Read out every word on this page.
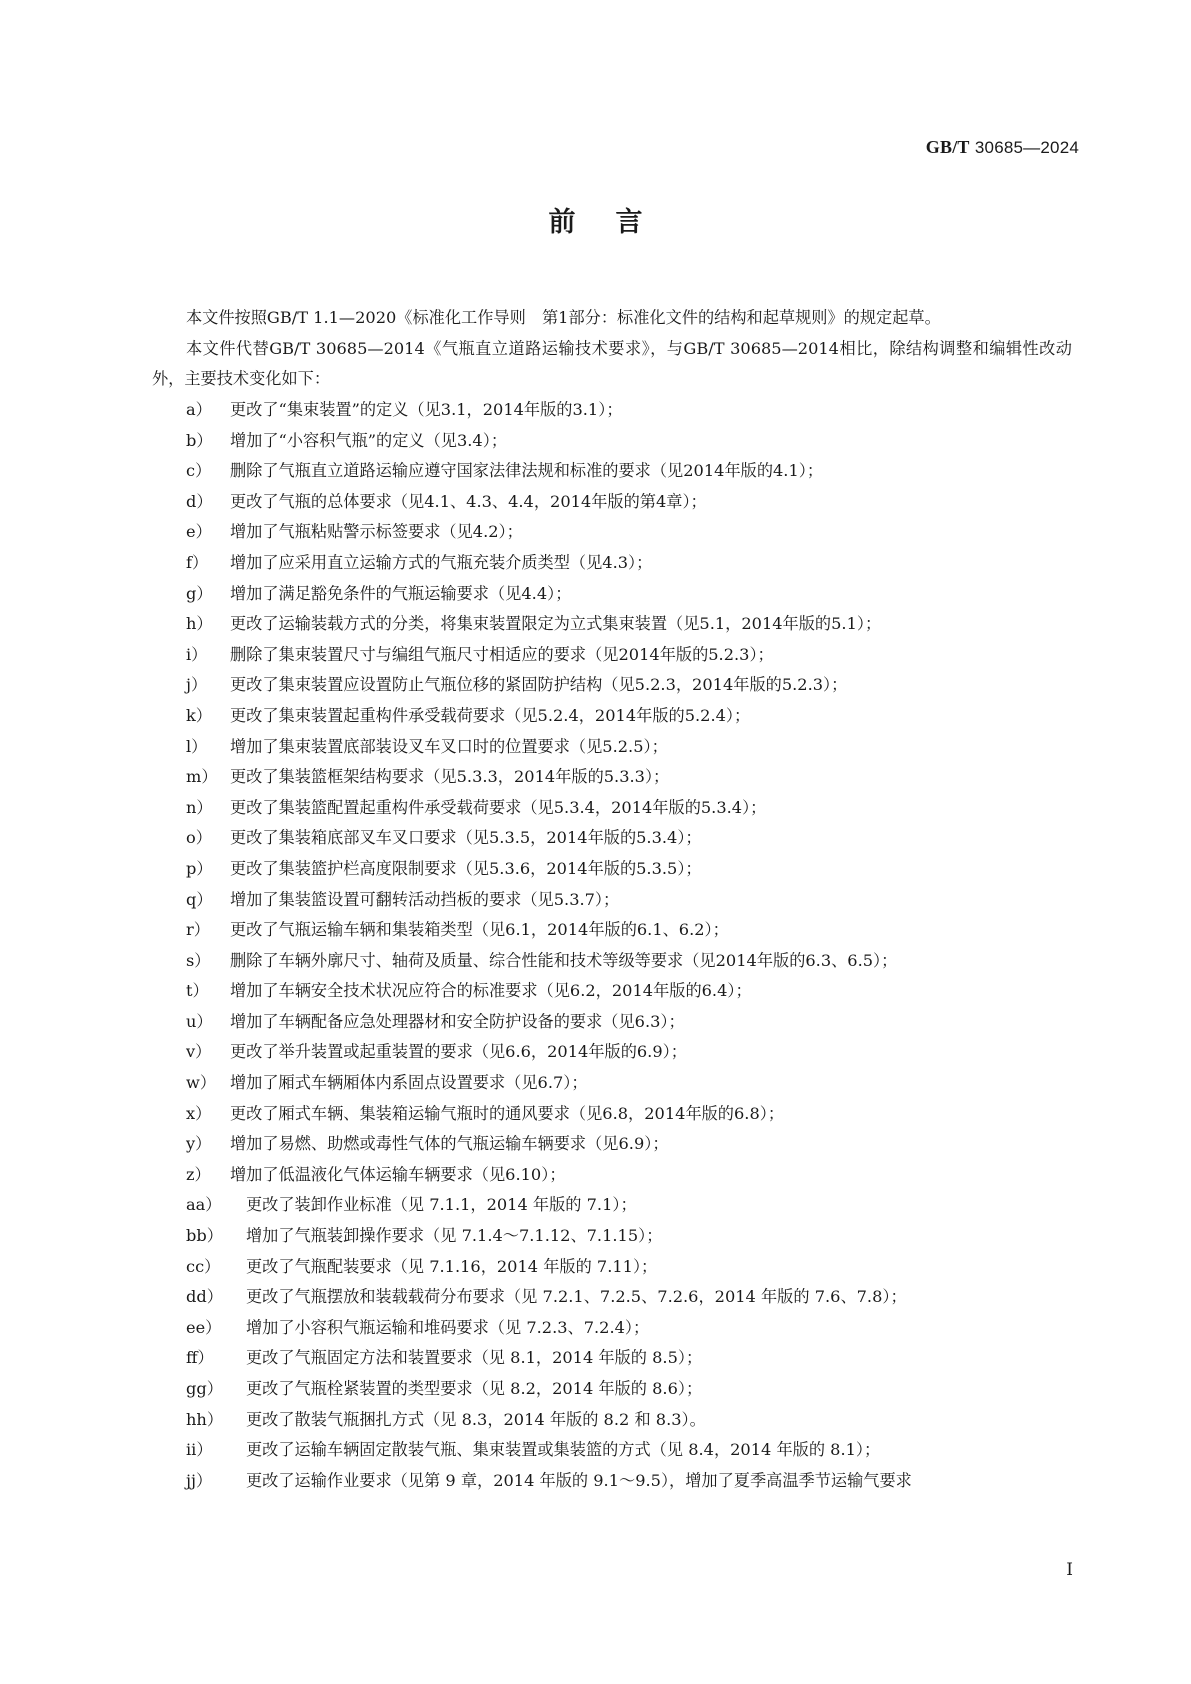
GB/T 30685—2024
前言

本文件按照GB/T 1.1—2020《标准化工作导则　第1部分：标准化文件的结构和起草规则》的规定起草。

本文件代替GB/T 30685—2014《气瓶直立道路运输技术要求》，与GB/T 30685—2014相比，除结构调整和编辑性改动外，主要技术变化如下：

a）	更改了“集束装置”的定义（见3.1，2014年版的3.1）；
b）	增加了“小容积气瓶”的定义（见3.4）；
c）	删除了气瓶直立道路运输应遵守国家法律法规和标准的要求（见2014年版的4.1）；
d）	更改了气瓶的总体要求（见4.1、4.3、4.4，2014年版的第4章）；
e）	增加了气瓶粘贴警示标签要求（见4.2）；
f）	增加了应采用直立运输方式的气瓶充装介质类型（见4.3）；
g）	增加了满足豁免条件的气瓶运输要求（见4.4）；
h）	更改了运输装载方式的分类，将集束装置限定为立式集束装置（见5.1，2014年版的5.1）；
i）	删除了集束装置尺寸与编组气瓶尺寸相适应的要求（见2014年版的5.2.3）；
j）	更改了集束装置应设置防止气瓶位移的紧固防护结构（见5.2.3，2014年版的5.2.3）；
k）	更改了集束装置起重构件承受载荷要求（见5.2.4，2014年版的5.2.4）；
l）	增加了集束装置底部装设叉车叉口时的位置要求（见5.2.5）；
m） 更改了集装篮框架结构要求（见5.3.3，2014年版的5.3.3）；
n）	更改了集装篮配置起重构件承受载荷要求（见5.3.4，2014年版的5.3.4）；
o）	更改了集装箱底部叉车叉口要求（见5.3.5，2014年版的5.3.4）；
p）	更改了集装篮护栏高度限制要求（见5.3.6，2014年版的5.3.5）；
q）	增加了集装篮设置可翻转活动挡板的要求（见5.3.7）；
r）	更改了气瓶运输车辆和集装箱类型（见6.1，2014年版的6.1、6.2）；
s）	删除了车辆外廓尺寸、轴荷及质量、综合性能和技术等级等要求（见2014年版的6.3、6.5）；
t）	增加了车辆安全技术状况应符合的标准要求（见6.2，2014年版的6.4）；
u）	增加了车辆配备应急处理器材和安全防护设备的要求（见6.3）；
v）	更改了举升装置或起重装置的要求（见6.6，2014年版的6.9）；
w） 增加了厢式车辆厢体内系固点设置要求（见6.7）；
x）	更改了厢式车辆、集装箱运输气瓶时的通风要求（见6.8，2014年版的6.8）；
y）	增加了易燃、助燃或毒性气体的气瓶运输车辆要求（见6.9）；
z）	增加了低温液化气体运输车辆要求（见6.10）；
aa）	更改了装卸作业标准（见 7.1.1，2014 年版的 7.1）；
bb）	增加了气瓶装卸操作要求（见 7.1.4～7.1.12、7.1.15）；
cc）	更改了气瓶配装要求（见 7.1.16，2014 年版的 7.11）；
dd）	更改了气瓶摆放和装载载荷分布要求（见 7.2.1、7.2.5、7.2.6，2014 年版的 7.6、7.8）；
ee）	增加了小容积气瓶运输和堆码要求（见 7.2.3、7.2.4）；
ff）	更改了气瓶固定方法和装置要求（见 8.1，2014 年版的 8.5）；
gg）	更改了气瓶栓紧装置的类型要求（见 8.2，2014 年版的 8.6）；
hh）	更改了散装气瓶捆扎方式（见 8.3，2014 年版的 8.2 和 8.3）。
ii）	更改了运输车辆固定散装气瓶、集束装置或集装篮的方式（见 8.4，2014 年版的 8.1）；
jj）	更改了运输作业要求（见第 9 章，2014 年版的 9.1～9.5），增加了夏季高温季节运输气要求
I
